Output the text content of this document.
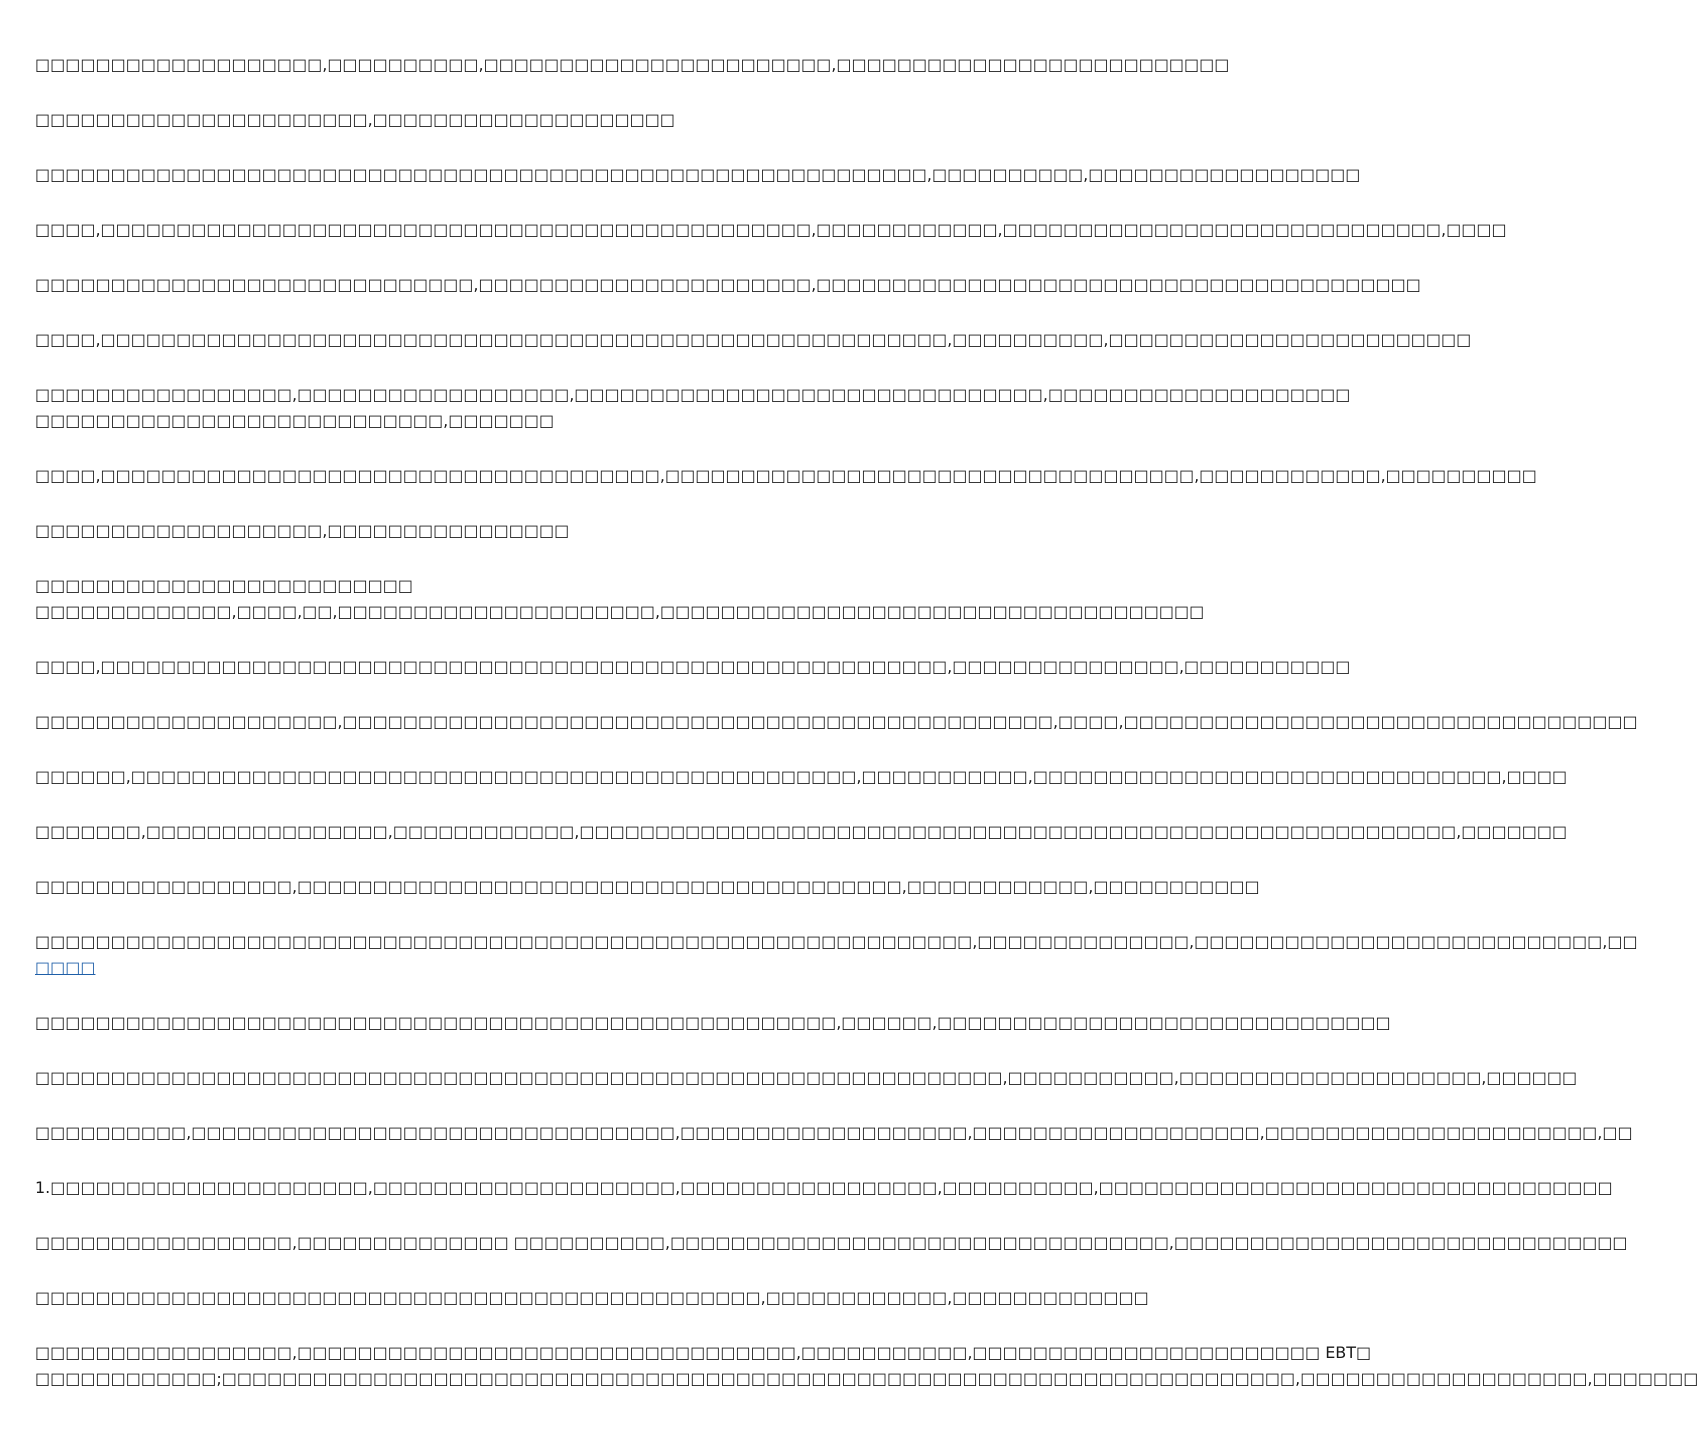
□□□□□□□□□□□□□□□□□□□,□□□□□□□□□□,□□□□□□□□□□□□□□□□□□□□□□□,□□□□□□□□□□□□□□□□□□□□□□□□□□

□□□□□□□□□□□□□□□□□□□□□□,□□□□□□□□□□□□□□□□□□□□

□□□□□□□□□□□□□□□□□□□□□□□□□□□□□□□□□□□□□□□□□□□□□□□□□□□□□□□□□□□,□□□□□□□□□□,□□□□□□□□□□□□□□□□□□

□□□□,□□□□□□□□□□□□□□□□□□□□□□□□□□□□□□□□□□□□□□□□□□□□□□□,□□□□□□□□□□□□,□□□□□□□□□□□□□□□□□□□□□□□□□□□□□,□□□□

□□□□□□□□□□□□□□□□□□□□□□□□□□□□□,□□□□□□□□□□□□□□□□□□□□□□,□□□□□□□□□□□□□□□□□□□□□□□□□□□□□□□□□□□□□□□□

□□□□,□□□□□□□□□□□□□□□□□□□□□□□□□□□□□□□□□□□□□□□□□□□□□□□□□□□□□□□□,□□□□□□□□□□,□□□□□□□□□□□□□□□□□□□□□□□□

□□□□□□□□□□□□□□□□□,□□□□□□□□□□□□□□□□□□,□□□□□□□□□□□□□□□□□□□□□□□□□□□□□□□,□□□□□□□□□□□□□□□□□□□□
□□□□□□□□□□□□□□□□□□□□□□□□□□□,□□□□□□□

□□□□,□□□□□□□□□□□□□□□□□□□□□□□□□□□□□□□□□□□□□,□□□□□□□□□□□□□□□□□□□□□□□□□□□□□□□□□□□,□□□□□□□□□□□□,□□□□□□□□□□

□□□□□□□□□□□□□□□□□□□,□□□□□□□□□□□□□□□□

□□□□□□□□□□□□□□□□□□□□□□□□□
□□□□□□□□□□□□□,□□□□,□□,□□□□□□□□□□□□□□□□□□□□□,□□□□□□□□□□□□□□□□□□□□□□□□□□□□□□□□□□□□

□□□□,□□□□□□□□□□□□□□□□□□□□□□□□□□□□□□□□□□□□□□□□□□□□□□□□□□□□□□□□,□□□□□□□□□□□□□□□,□□□□□□□□□□□

□□□□□□□□□□□□□□□□□□□□,□□□□□□□□□□□□□□□□□□□□□□□□□□□□□□□□□□□□□□□□□□□□□□□,□□□□,□□□□□□□□□□□□□□□□□□□□□□□□□□□□□□□□□□

□□□□□□,□□□□□□□□□□□□□□□□□□□□□□□□□□□□□□□□□□□□□□□□□□□□□□□□,□□□□□□□□□□□,□□□□□□□□□□□□□□□□□□□□□□□□□□□□□□□,□□□□

□□□□□□□,□□□□□□□□□□□□□□□□,□□□□□□□□□□□□,□□□□□□□□□□□□□□□□□□□□□□□□□□□□□□□□□□□□□□□□□□□□□□□□□□□□□□□□□□,□□□□□□□

□□□□□□□□□□□□□□□□□,□□□□□□□□□□□□□□□□□□□□□□□□□□□□□□□□□□□□□□□□,□□□□□□□□□□□□,□□□□□□□□□□□

□□□□□□□□□□□□□□□□□□□□□□□□□□□□□□□□□□□□□□□□□□□□□□□□□□□□□□□□□□□□□□,□□□□□□□□□□□□□□,□□□□□□□□□□□□□□□□□□□□□□□□□□□,□□
□□□□

□□□□□□□□□□□□□□□□□□□□□□□□□□□□□□□□□□□□□□□□□□□□□□□□□□□□□,□□□□□□,□□□□□□□□□□□□□□□□□□□□□□□□□□□□□□

□□□□□□□□□□□□□□□□□□□□□□□□□□□□□□□□□□□□□□□□□□□□□□□□□□□□□□□□□□□□□□□□,□□□□□□□□□□□,□□□□□□□□□□□□□□□□□□□□,□□□□□□

□□□□□□□□□□,□□□□□□□□□□□□□□□□□□□□□□□□□□□□□□□□,□□□□□□□□□□□□□□□□□□□,□□□□□□□□□□□□□□□□□□□,□□□□□□□□□□□□□□□□□□□□□□,□□

1.□□□□□□□□□□□□□□□□□□□□□,□□□□□□□□□□□□□□□□□□□□,□□□□□□□□□□□□□□□□□,□□□□□□□□□□,□□□□□□□□□□□□□□□□□□□□□□□□□□□□□□□□□□

□□□□□□□□□□□□□□□□□,□□□□□□□□□□□□□□ □□□□□□□□□□,□□□□□□□□□□□□□□□□□□□□□□□□□□□□□□□□□,□□□□□□□□□□□□□□□□□□□□□□□□□□□□□□

□□□□□□□□□□□□□□□□□□□□□□□□□□□□□□□□□□□□□□□□□□□□□□□□,□□□□□□□□□□□□,□□□□□□□□□□□□□

□□□□□□□□□□□□□□□□□,□□□□□□□□□□□□□□□□□□□□□□□□□□□□□□□□□,□□□□□□□□□□□,□□□□□□□□□□□□□□□□□□□□□□□ EBT□
□□□□□□□□□□□□;□□□□□□□□□□□□□□□□□□□□□□□□□□□□□□□□□□□□□□□□□□□□□□□□□□□□□□□□□□□□□□□□□□□□□□□,□□□□□□□□□□□□□□□□□□□,□□□□□□□
